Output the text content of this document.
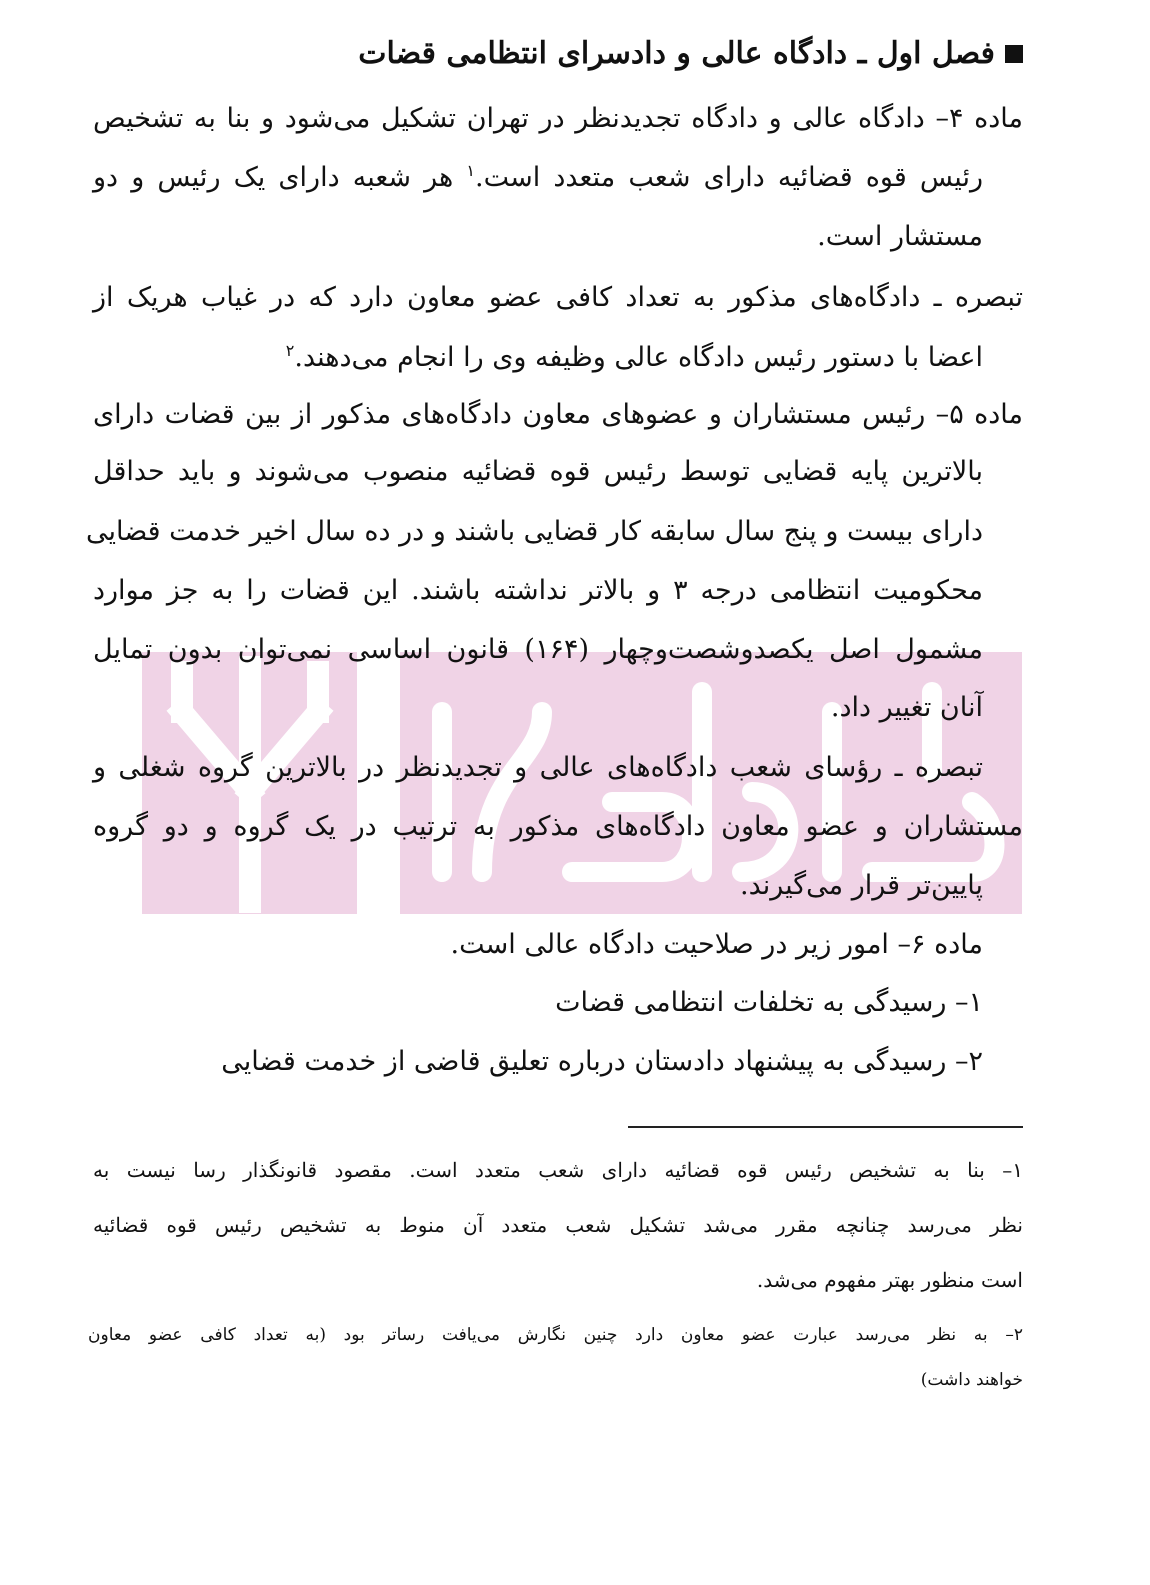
فصل اول ـ دادگاه عالی و دادسرای انتظامی قضات
ماده ۴– دادگاه عالی و دادگاه تجدیدنظر در تهران تشکیل می‌شود و بنا به تشخیص
رئیس قوه قضائیه دارای شعب متعدد است.$^۱$ هر شعبه دارای یک رئیس و دو
مستشار است.
تبصره ـ دادگاه‌های مذکور به تعداد کافی عضو معاون دارد که در غیاب هریک از
اعضا با دستور رئیس دادگاه عالی وظیفه وی را انجام می‌دهند.$^۲$
ماده ۵– رئیس مستشاران و عضوهای معاون دادگاه‌های مذکور از بین قضات دارای
بالاترین پایه قضایی توسط رئیس قوه قضائیه منصوب می‌شوند و باید حداقل
دارای بیست و پنج سال سابقه کار قضایی باشند و در ده سال اخیر خدمت قضایی
محکومیت انتظامی درجه ۳ و بالاتر نداشته باشند. این قضات را به جز موارد
مشمول اصل یکصدوشصت‌وچهار (۱۶۴) قانون اساسی نمی‌توان بدون تمایل
آنان تغییر داد.
تبصره ـ رؤسای شعب دادگاه‌های عالی و تجدیدنظر در بالاترین گروه شغلی و
مستشاران و عضو معاون دادگاه‌های مذکور به ترتیب در یک گروه و دو گروه
پایین‌تر قرار می‌گیرند.
ماده ۶– امور زیر در صلاحیت دادگاه عالی است.
۱– رسیدگی به تخلفات انتظامی قضات
۲– رسیدگی به پیشنهاد دادستان درباره تعلیق قاضی از خدمت قضایی
۱– بنا به تشخیص رئیس قوه قضائیه دارای شعب متعدد است. مقصود قانونگذار رسا نیست به
نظر می‌رسد چنانچه مقرر می‌شد تشکیل شعب متعدد آن منوط به تشخیص رئیس قوه قضائیه
است منظور بهتر مفهوم می‌شد.
۲– به نظر می‌رسد عبارت عضو معاون دارد چنین نگارش می‌یافت رساتر بود (به تعداد کافی عضو معاون
خواهند داشت)
